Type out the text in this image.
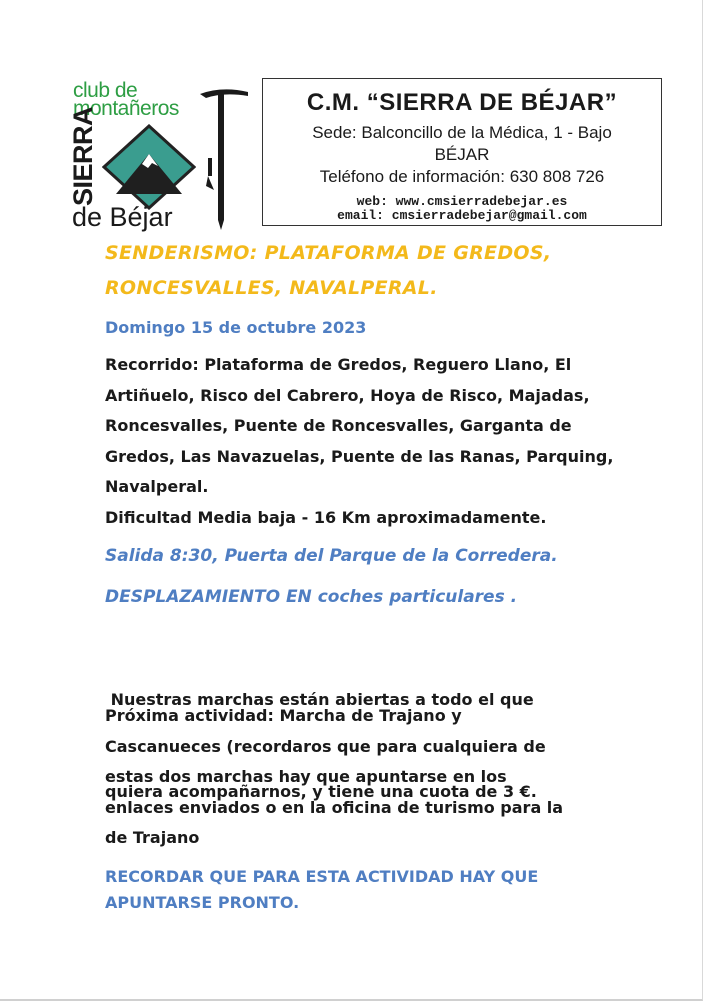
club de
montañeros
SIERRA
de Béjar
C.M. “SIERRA DE BÉJAR”
Sede: Balconcillo de la Médica, 1 - Bajo
BÉJAR
Teléfono de información: 630 808 726
web: www.cmsierradebejar.es
email: cmsierradebejar@gmail.com
SENDERISMO: PLATAFORMA DE GREDOS,
RONCESVALLES, NAVALPERAL.
Domingo 15 de octubre 2023
Recorrido: Plataforma de Gredos, Reguero Llano, El
Artiñuelo, Risco del Cabrero, Hoya de Risco, Majadas,
Roncesvalles, Puente de Roncesvalles, Garganta de
Gredos, Las Navazuelas, Puente de las Ranas, Parquing,
Navalperal.
Dificultad Media baja - 16 Km aproximadamente.
Salida 8:30, Puerta del Parque de la Corredera.
DESPLAZAMIENTO EN coches particulares .

Nuestras marchas están abiertas a todo el que

quiera acompañarnos, y tiene una cuota de 3 €.

Próxima actividad: Marcha de Trajano y
Cascanueces (recordaros que para cualquiera de
estas dos marchas hay que apuntarse en los
enlaces enviados o en la oficina de turismo para la
de Trajano
RECORDAR QUE PARA ESTA ACTIVIDAD HAY QUE
APUNTARSE PRONTO.
